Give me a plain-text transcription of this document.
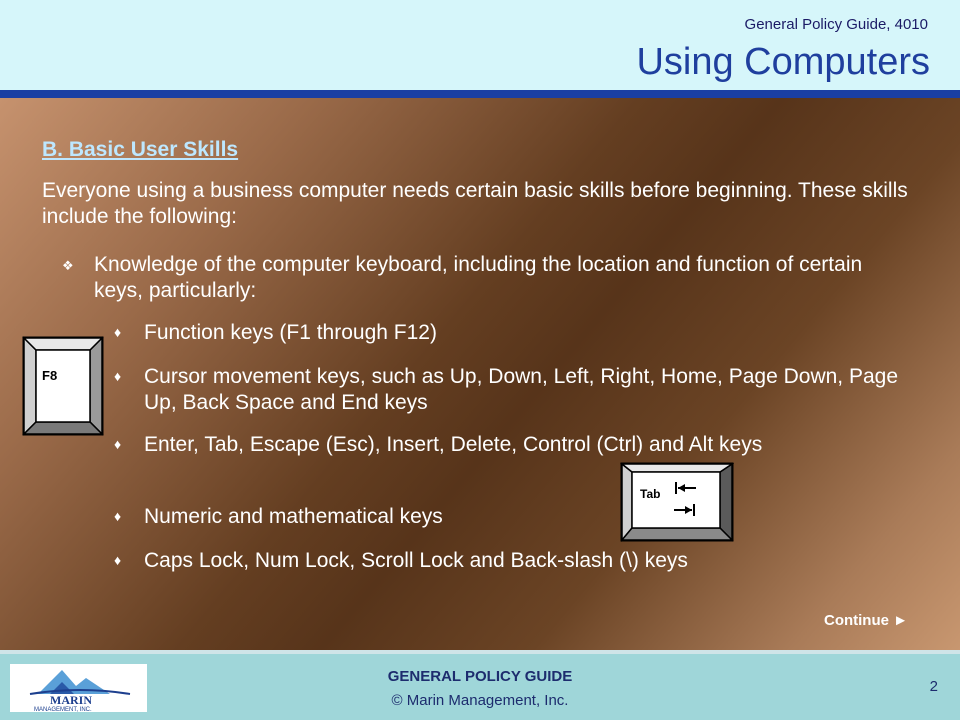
General Policy Guide, 4010
Using Computers
B. Basic User Skills
Everyone using a business computer needs certain basic skills before beginning. These skills include the following:
❖ Knowledge of the computer keyboard, including the location and function of certain keys, particularly:
♦ Function keys (F1 through F12)
♦ Cursor movement keys, such as Up, Down, Left, Right, Home, Page Down, Page Up, Back Space and End keys
♦ Enter, Tab, Escape (Esc), Insert, Delete, Control (Ctrl) and Alt keys
♦ Numeric and mathematical keys
♦ Caps Lock, Num Lock, Scroll Lock and Back-slash (\) keys
F8
Tab
Continue ►
MARIN
MANAGEMENT, INC.
GENERAL POLICY GUIDE
© Marin Management, Inc.
2
